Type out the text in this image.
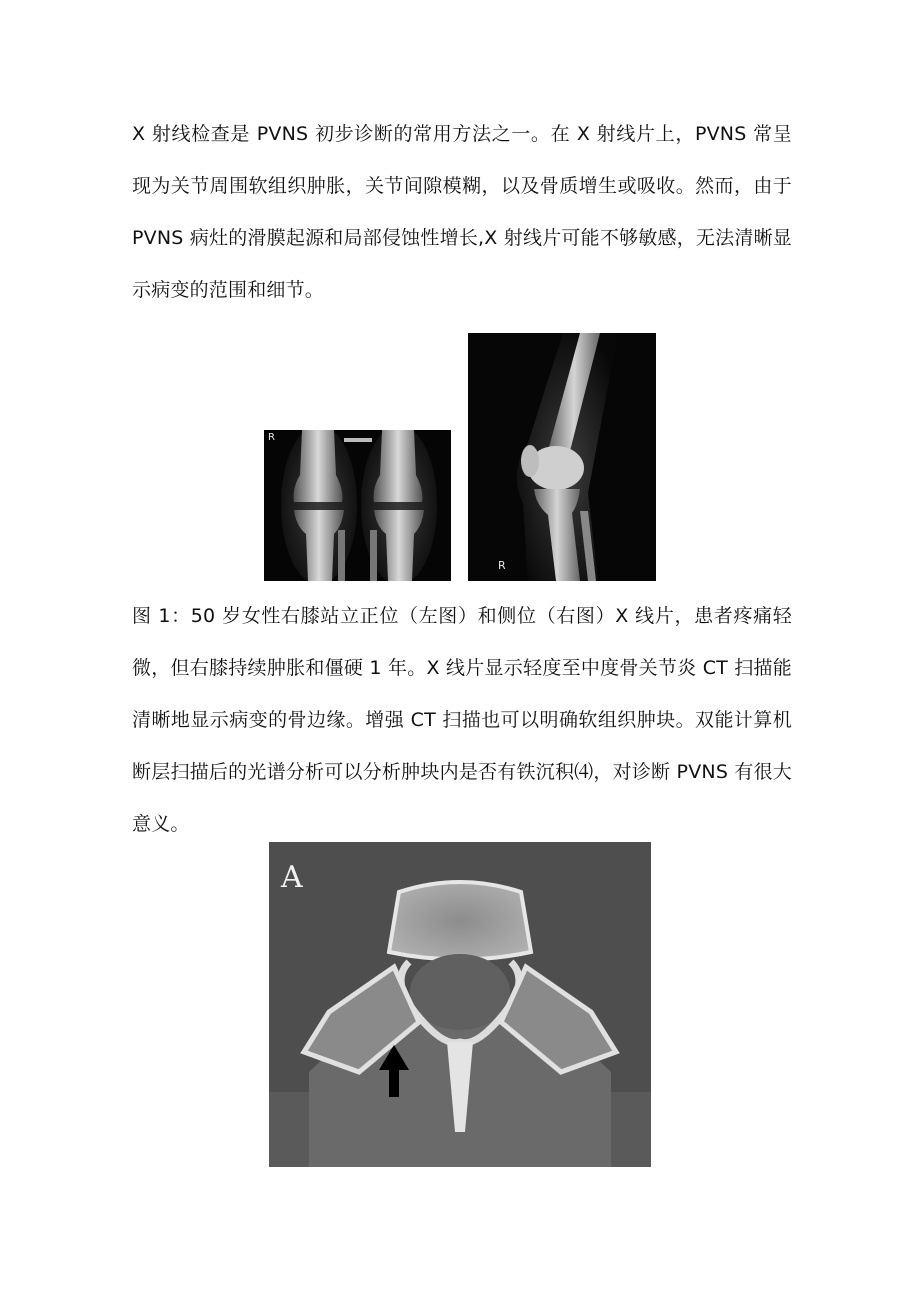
X 射线检查是 PVNS 初步诊断的常用方法之一。在 X 射线片上，PVNS 常呈现为关节周围软组织肿胀，关节间隙模糊，以及骨质增生或吸收。然而，由于 PVNS 病灶的滑膜起源和局部侵蚀性增长,X 射线片可能不够敏感，无法清晰显示病变的范围和细节。

R
R

图 1：50 岁女性右膝站立正位（左图）和侧位（右图）X 线片，患者疼痛轻微，但右膝持续肿胀和僵硬 1 年。X 线片显示轻度至中度骨关节炎 CT 扫描能清晰地显示病变的骨边缘。增强 CT 扫描也可以明确软组织肿块。双能计算机断层扫描后的光谱分析可以分析肿块内是否有铁沉积⑷，对诊断 PVNS 有很大意义。

A
